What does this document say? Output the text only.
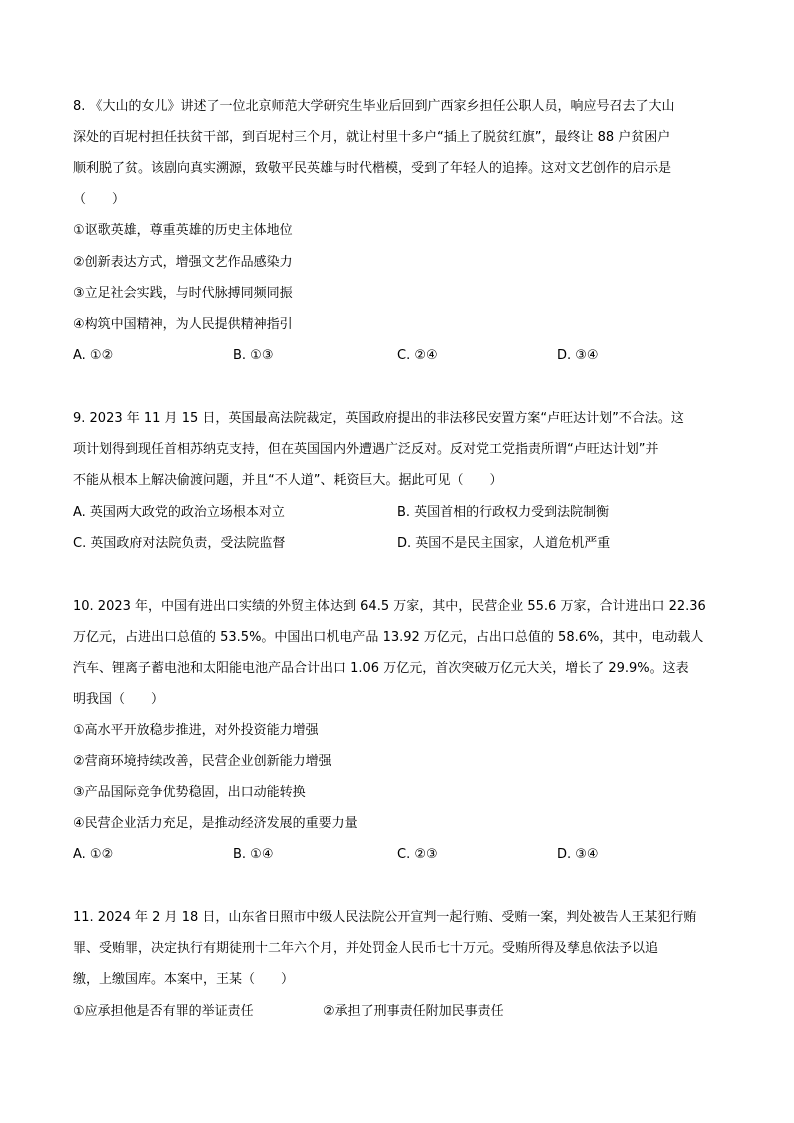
8. 《大山的女儿》讲述了一位北京师范大学研究生毕业后回到广西家乡担任公职人员，响应号召去了大山
深处的百坭村担任扶贫干部，到百坭村三个月，就让村里十多户“插上了脱贫红旗”，最终让 88 户贫困户
顺利脱了贫。该剧向真实溯源，致敬平民英雄与时代楷模，受到了年轻人的追捧。这对文艺创作的启示是
（　　）
①讴歌英雄，尊重英雄的历史主体地位
②创新表达方式，增强文艺作品感染力
③立足社会实践，与时代脉搏同频同振
④构筑中国精神，为人民提供精神指引
A. ①②	B. ①③	C. ②④	D. ③④
9. 2023 年 11 月 15 日，英国最高法院裁定，英国政府提出的非法移民安置方案“卢旺达计划”不合法。这
项计划得到现任首相苏纳克支持，但在英国国内外遭遇广泛反对。反对党工党指责所谓“卢旺达计划”并
不能从根本上解决偷渡问题，并且“不人道”、耗资巨大。据此可见（　　）
A. 英国两大政党的政治立场根本对立	B. 英国首相的行政权力受到法院制衡
C. 英国政府对法院负责，受法院监督	D. 英国不是民主国家，人道危机严重
10. 2023 年，中国有进出口实绩的外贸主体达到 64.5 万家，其中，民营企业 55.6 万家，合计进出口 22.36
万亿元，占进出口总值的 53.5%。中国出口机电产品 13.92 万亿元，占出口总值的 58.6%，其中，电动载人
汽车、锂离子蓄电池和太阳能电池产品合计出口 1.06 万亿元，首次突破万亿元大关，增长了 29.9%。这表
明我国（　　）
①高水平开放稳步推进，对外投资能力增强
②营商环境持续改善，民营企业创新能力增强
③产品国际竞争优势稳固，出口动能转换
④民营企业活力充足，是推动经济发展的重要力量
A. ①②	B. ①④	C. ②③	D. ③④
11. 2024 年 2 月 18 日，山东省日照市中级人民法院公开宣判一起行贿、受贿一案，判处被告人王某犯行贿
罪、受贿罪，决定执行有期徒刑十二年六个月，并处罚金人民币七十万元。受贿所得及孳息依法予以追
缴，上缴国库。本案中，王某（　　）
①应承担他是否有罪的举证责任	②承担了刑事责任附加民事责任
